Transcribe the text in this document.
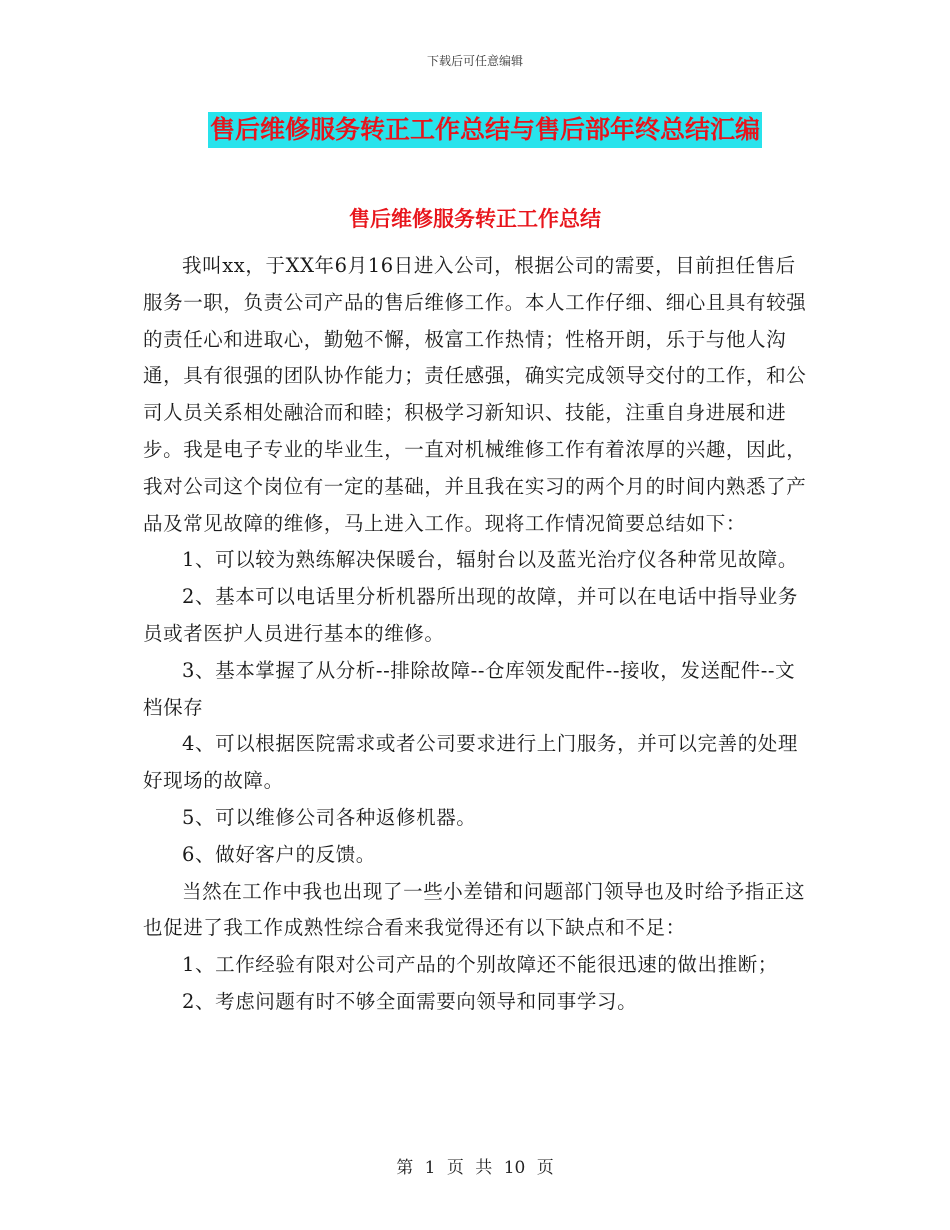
下载后可任意编辑
售后维修服务转正工作总结与售后部年终总结汇编
售后维修服务转正工作总结

我叫xx，于XX年6月16日进入公司，根据公司的需要，目前担任售后服务一职，负责公司产品的售后维修工作。本人工作仔细、细心且具有较强的责任心和进取心，勤勉不懈，极富工作热情；性格开朗，乐于与他人沟通，具有很强的团队协作能力；责任感强，确实完成领导交付的工作，和公司人员关系相处融洽而和睦；积极学习新知识、技能，注重自身进展和进步。我是电子专业的毕业生，一直对机械维修工作有着浓厚的兴趣，因此，我对公司这个岗位有一定的基础，并且我在实习的两个月的时间内熟悉了产品及常见故障的维修，马上进入工作。现将工作情况简要总结如下：

1、可以较为熟练解决保暖台，辐射台以及蓝光治疗仪各种常见故障。

2、基本可以电话里分析机器所出现的故障，并可以在电话中指导业务员或者医护人员进行基本的维修。

3、基本掌握了从分析--排除故障--仓库领发配件--接收，发送配件--文档保存

4、可以根据医院需求或者公司要求进行上门服务，并可以完善的处理好现场的故障。

5、可以维修公司各种返修机器。

6、做好客户的反馈。

当然在工作中我也出现了一些小差错和问题部门领导也及时给予指正这也促进了我工作成熟性综合看来我觉得还有以下缺点和不足：

1、工作经验有限对公司产品的个别故障还不能很迅速的做出推断；

2、考虑问题有时不够全面需要向领导和同事学习。

第 1 页 共 10 页
